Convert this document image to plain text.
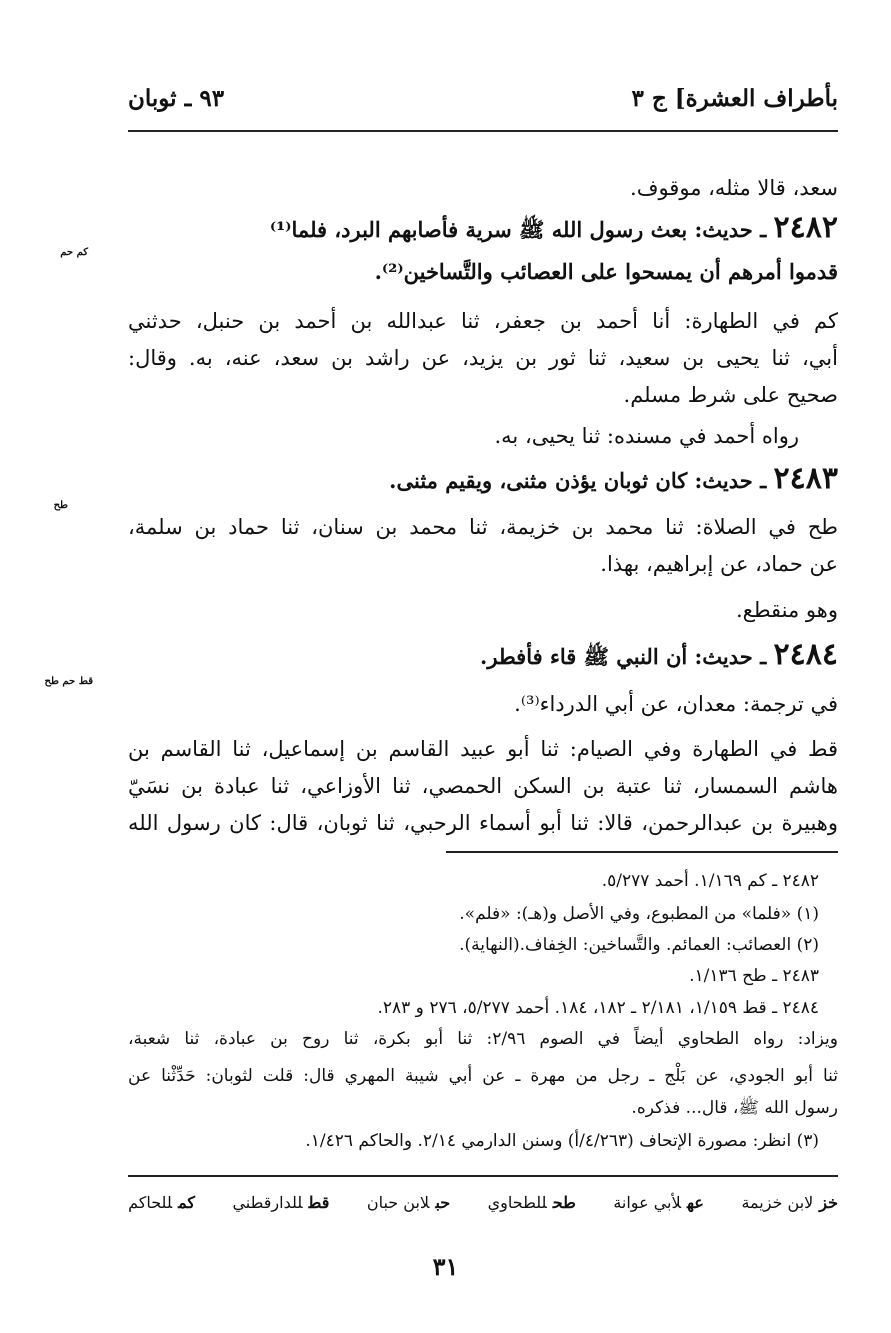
بأطراف العشرة] ج ٣
٩٣ ـ ثوبان
سعد، قالا مثله، موقوف.
٢٤٨٢ ـ حديث: بعث رسول الله ﷺ سرية فأصابهم البرد، فلما⁽¹⁾
كم حم
قدموا أمرهم أن يمسحوا على العصائب والتَّساخين⁽²⁾.
كم في الطهارة: أنا أحمد بن جعفر، ثنا عبدالله بن أحمد بن حنبل، حدثني
أبي، ثنا يحيى بن سعيد، ثنا ثور بن يزيد، عن راشد بن سعد، عنه، به. وقال:
صحيح على شرط مسلم.
رواه أحمد في مسنده: ثنا يحيى، به.
٢٤٨٣ ـ حديث: كان ثوبان يؤذن مثنى، ويقيم مثنى.
طح
طح في الصلاة: ثنا محمد بن خزيمة، ثنا محمد بن سنان، ثنا حماد بن سلمة،
عن حماد، عن إبراهيم، بهذا.
وهو منقطع.
٢٤٨٤ ـ حديث: أن النبي ﷺ قاء فأفطر.
قط حم طح
في ترجمة: معدان، عن أبي الدرداء⁽³⁾.
قط في الطهارة وفي الصيام: ثنا أبو عبيد القاسم بن إسماعيل، ثنا القاسم بن
هاشم السمسار، ثنا عتبة بن السكن الحمصي، ثنا الأوزاعي، ثنا عبادة بن نسَيّ
وهبيرة بن عبدالرحمن، قالا: ثنا أبو أسماء الرحبي، ثنا ثوبان، قال: كان رسول الله
٢٤٨٢ ـ كم ١/١٦٩. أحمد ٥/٢٧٧.
(١) «فلما» من المطبوع، وفي الأصل و(هـ): «فلم».
(٢) العصائب: العمائم. والتَّساخين: الخِفاف.(النهاية).
٢٤٨٣ ـ طح ١/١٣٦.
٢٤٨٤ ـ قط ١/١٥٩، ٢/١٨١ ـ ١٨٢، ١٨٤. أحمد ٥/٢٧٧، ٢٧٦ و ٢٨٣.
ويزاد: رواه الطحاوي أيضاً في الصوم ٢/٩٦: ثنا أبو بكرة، ثنا روح بن عبادة، ثنا شعبة،
ثنا أبو الجودي، عن بَلْج ـ رجل من مهرة ـ عن أبي شيبة المهري قال: قلت لثوبان: حَدِّثْنا عن
رسول الله ﷺ، قال... فذكره.
(٣) انظر: مصورة الإتحاف (٤/٢٦٣/أ) وسنن الدارمي ٢/١٤. والحاكم ١/٤٢٦.
خزلابن خزيمة
عهلأبي عوانة
طحللطحاوي
حبلابن حبان
قطللدارقطني
كمللحاكم
٣١
